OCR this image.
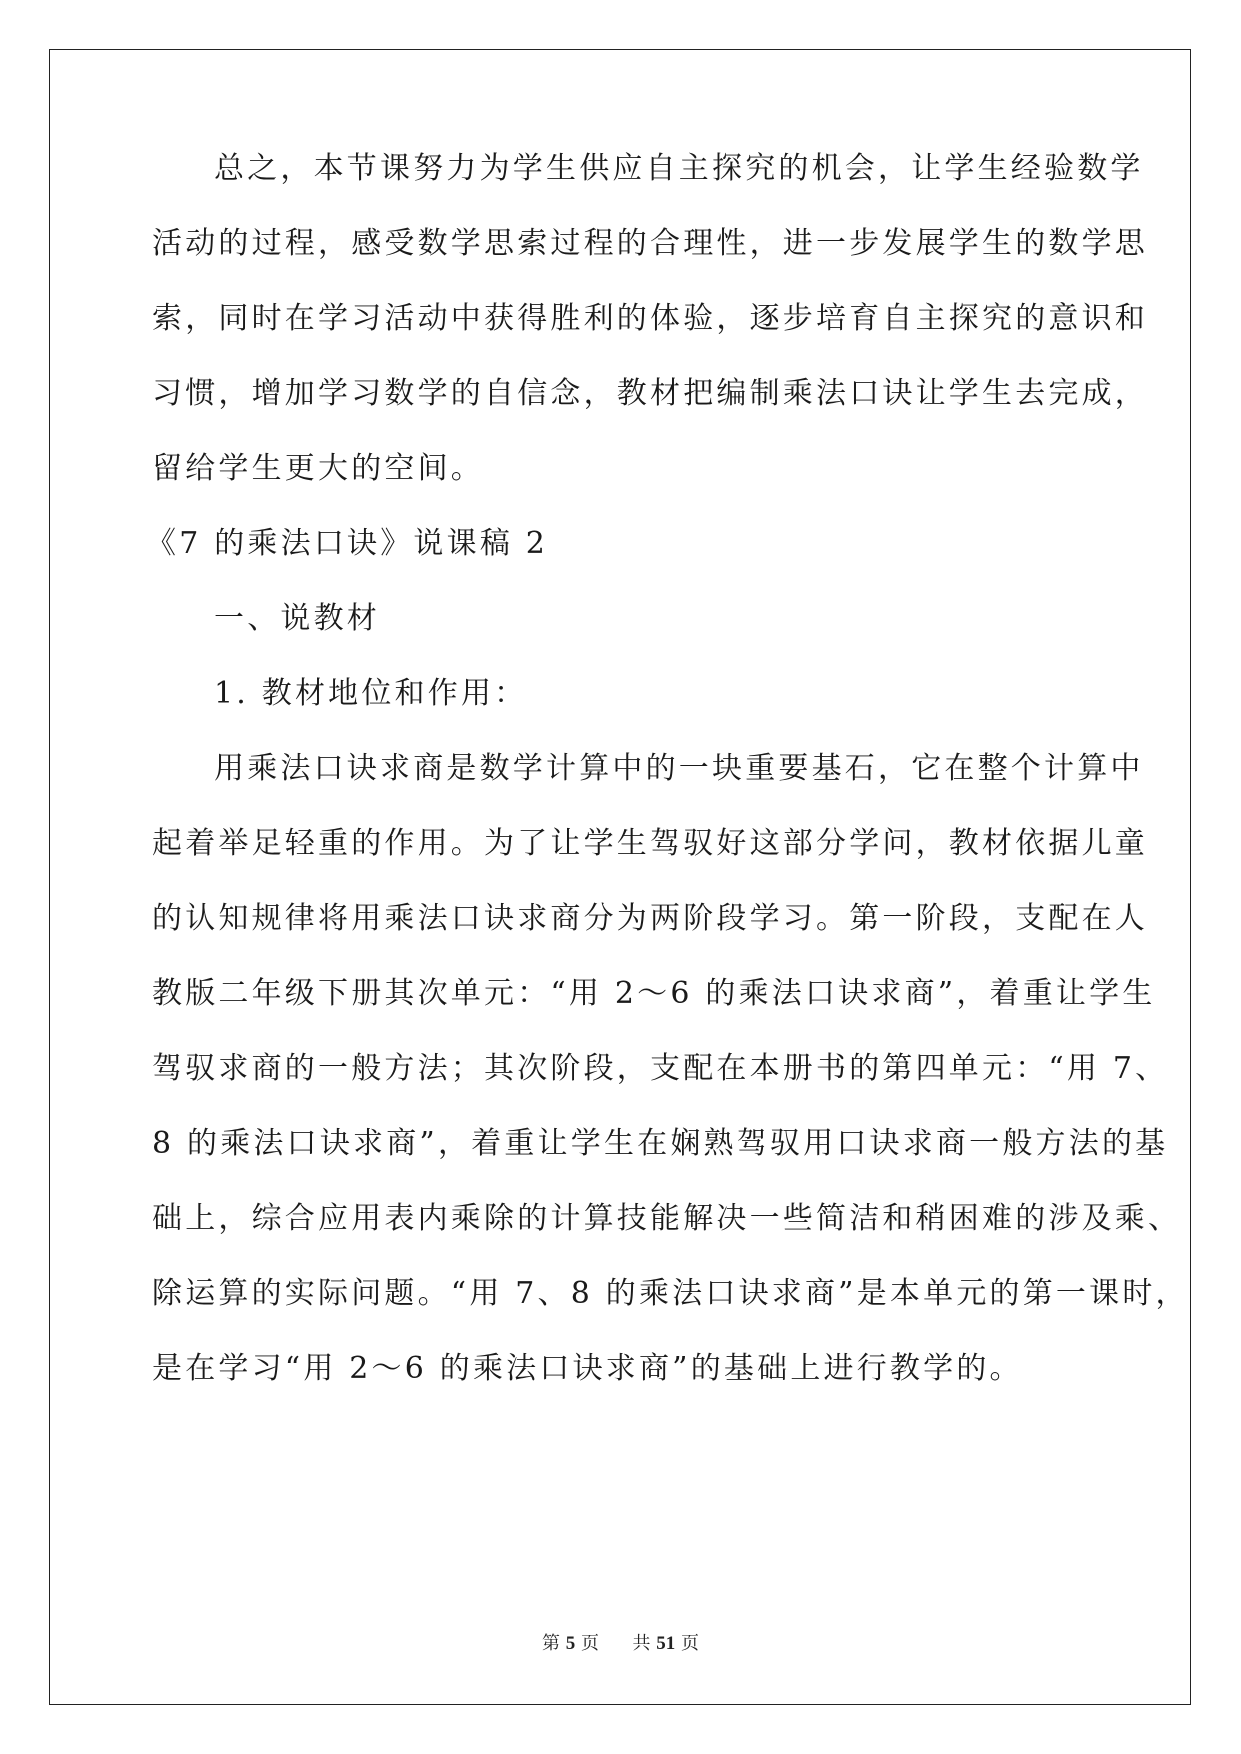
总之，本节课努力为学生供应自主探究的机会，让学生经验数学
活动的过程，感受数学思索过程的合理性，进一步发展学生的数学思
索，同时在学习活动中获得胜利的体验，逐步培育自主探究的意识和
习惯，增加学习数学的自信念，教材把编制乘法口诀让学生去完成，
留给学生更大的空间。
《7 的乘法口诀》说课稿 2
一、说教材
1. 教材地位和作用：
用乘法口诀求商是数学计算中的一块重要基石，它在整个计算中
起着举足轻重的作用。为了让学生驾驭好这部分学问，教材依据儿童
的认知规律将用乘法口诀求商分为两阶段学习。第一阶段，支配在人
教版二年级下册其次单元：“用 2～6 的乘法口诀求商”，着重让学生
驾驭求商的一般方法；其次阶段，支配在本册书的第四单元：“用 7、
8 的乘法口诀求商”，着重让学生在娴熟驾驭用口诀求商一般方法的基
础上，综合应用表内乘除的计算技能解决一些简洁和稍困难的涉及乘、
除运算的实际问题。“用 7、8 的乘法口诀求商”是本单元的第一课时，
是在学习“用 2～6 的乘法口诀求商”的基础上进行教学的。
第 5 页 共 51 页
